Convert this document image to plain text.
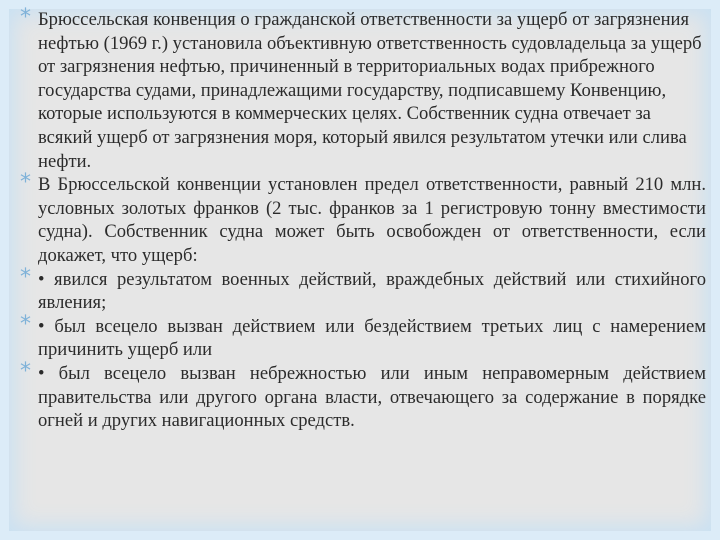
* Брюссельская конвенция о гражданской ответственности за ущерб от загрязнения нефтью (1969 г.) установила объективную ответственность судовладельца за ущерб от загрязнения нефтью, причиненный в территориальных водах прибрежного государства судами, принадлежащими государству, подписавшему Конвенцию, которые используются в коммерческих целях. Собственник судна отвечает за всякий ущерб от загрязнения моря, который явился результатом утечки или слива нефти.

* В Брюссельской конвенции установлен предел ответственности, равный 210 млн. условных золотых франков (2 тыс. франков за 1 регистровую тонну вместимости судна). Собственник судна может быть освобожден от ответственности, если докажет, что ущерб:

* • явился результатом военных действий, враждебных действий или стихийного явления;

* • был всецело вызван действием или бездействием третьих лиц с намерением причинить ущерб или

* • был всецело вызван небрежностью или иным неправомерным действием правительства или другого органа власти, отвечающего за содержание в порядке огней и других навигационных средств.
